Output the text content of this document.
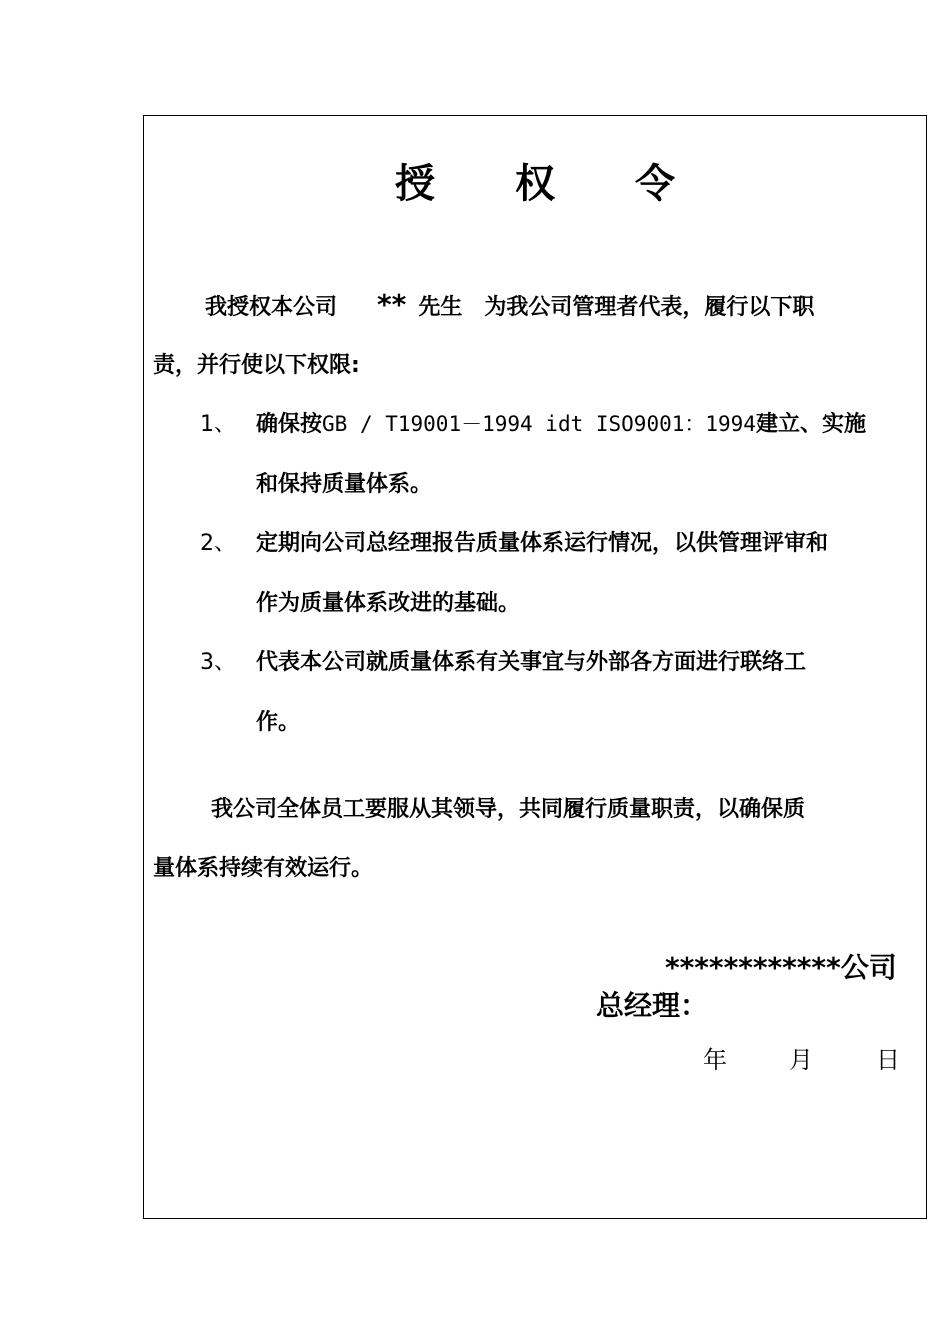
授权令
我授权本公司 ** 先生　为我公司管理者代表，履行以下职
责，并行使以下权限:
1、 确保按GB / T19001－1994 idt ISO9001：1994建立、实施
和保持质量体系。
2、 定期向公司总经理报告质量体系运行情况，以供管理评审和
作为质量体系改进的基础。
3、 代表本公司就质量体系有关事宜与外部各方面进行联络工
作。
我公司全体员工要服从其领导，共同履行质量职责，以确保质
量体系持续有效运行。
************公司
总经理：
年	月	日
